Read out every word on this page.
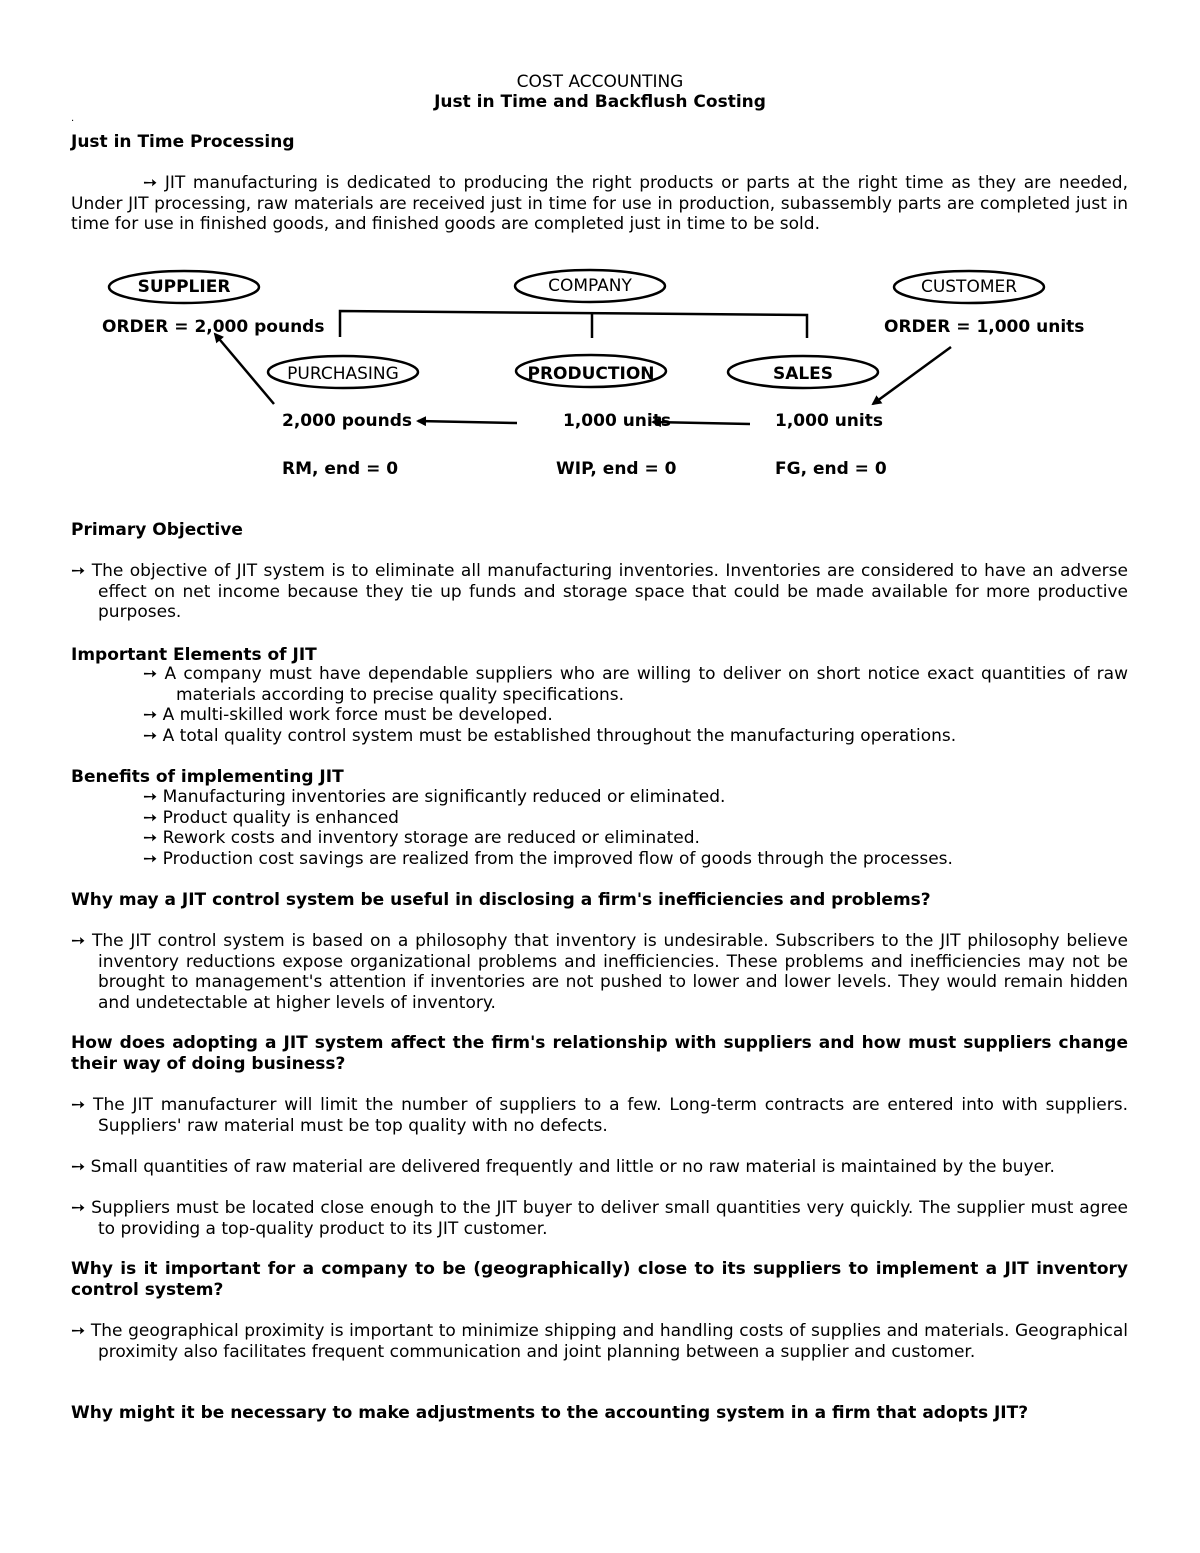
COST ACCOUNTING
Just in Time and Backflush Costing
.
Just in Time Processing
➙ JIT manufacturing is dedicated to producing the right products or parts at the right time as they are needed, Under JIT processing, raw materials are received just in time for use in production, subassembly parts are completed just in time for use in finished goods, and finished goods are completed just in time to be sold.
SUPPLIER	COMPANY	CUSTOMER
ORDER = 2,000 pounds	ORDER = 1,000 units
PURCHASING	PRODUCTION	SALES
2,000 pounds	1,000 units	1,000 units
RM, end = 0	WIP, end = 0	FG, end = 0
Primary Objective
➙ The objective of JIT system is to eliminate all manufacturing inventories. Inventories are considered to have an adverse effect on net income because they tie up funds and storage space that could be made available for more productive purposes.
Important Elements of JIT
➙ A company must have dependable suppliers who are willing to deliver on short notice exact quantities of raw materials according to precise quality specifications.
➙ A multi-skilled work force must be developed.
➙ A total quality control system must be established throughout the manufacturing operations.
Benefits of implementing JIT
➙ Manufacturing inventories are significantly reduced or eliminated.
➙ Product quality is enhanced
➙ Rework costs and inventory storage are reduced or eliminated.
➙ Production cost savings are realized from the improved flow of goods through the processes.
Why may a JIT control system be useful in disclosing a firm's inefficiencies and problems?
➙ The JIT control system is based on a philosophy that inventory is undesirable. Subscribers to the JIT philosophy believe inventory reductions expose organizational problems and inefficiencies. These problems and inefficiencies may not be brought to management's attention if inventories are not pushed to lower and lower levels. They would remain hidden and undetectable at higher levels of inventory.
How does adopting a JIT system affect the firm's relationship with suppliers and how must suppliers change their way of doing business?
➙ The JIT manufacturer will limit the number of suppliers to a few. Long-term contracts are entered into with suppliers. Suppliers' raw material must be top quality with no defects.
➙ Small quantities of raw material are delivered frequently and little or no raw material is maintained by the buyer.
➙ Suppliers must be located close enough to the JIT buyer to deliver small quantities very quickly. The supplier must agree to providing a top-quality product to its JIT customer.
Why is it important for a company to be (geographically) close to its suppliers to implement a JIT inventory control system?
➙ The geographical proximity is important to minimize shipping and handling costs of supplies and materials. Geographical proximity also facilitates frequent communication and joint planning between a supplier and customer.
Why might it be necessary to make adjustments to the accounting system in a firm that adopts JIT?
